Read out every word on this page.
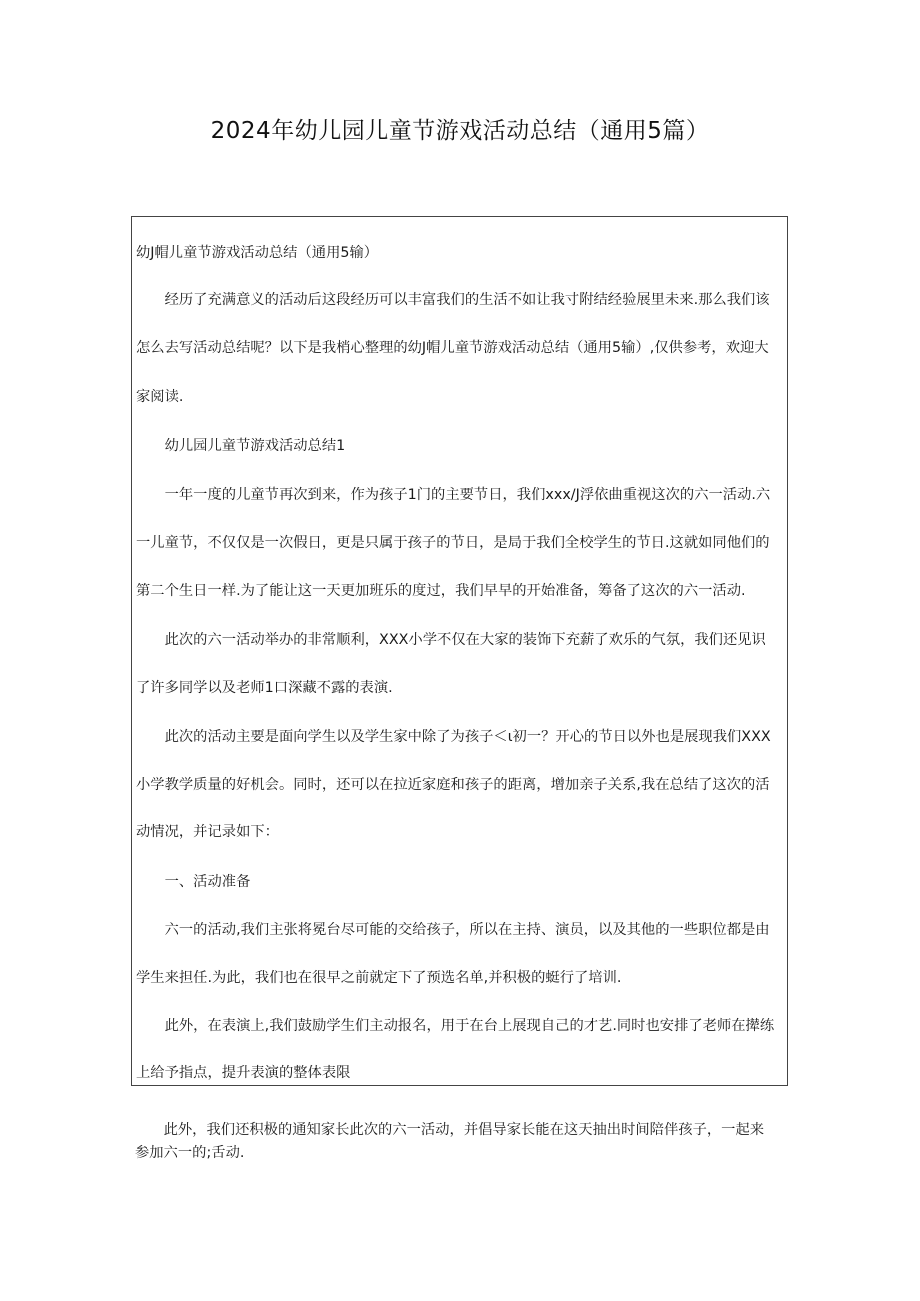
2024年幼儿园儿童节游戏活动总结（通用5篇）

幼J帽儿童节游戏活动总结（通用5输）

　　经历了充满意义的活动后这段经历可以丰富我们的生活不如让我寸附结经验展里未来.那么我们该

怎么去写活动总结呢？以下是我梢心整理的幼J帽儿童节游戏活动总结（通用5输）,仅供参考，欢迎大

家阅读.

　　幼儿园儿童节游戏活动总结1

　　一年一度的儿童节再次到来，作为孩子1门的主要节日，我们xxx/J浮依曲重视这次的六一活动.六

一儿童节，不仅仅是一次假日，更是只属于孩子的节日，是局于我们全校学生的节日.这就如同他们的

第二个生日一样.为了能让这一天更加班乐的度过，我们早早的开始准备，筹备了这次的六一活动.

　　此次的六一活动举办的非常顺利，XXX小学不仅在大家的装饰下充薪了欢乐的气氛，我们还见识

了许多同学以及老师1口深藏不露的表演.

　　此次的活动主要是面向学生以及学生家中除了为孩子＜ι初一？开心的节日以外也是展现我们XXX

小学教学质量的好机会。同时，还可以在拉近家庭和孩子的距离，增加亲子关系,我在总结了这次的活

动情况，并记录如下：

　　一、活动准备

　　六一的活动,我们主张将冕台尽可能的交给孩子，所以在主持、演员，以及其他的一些职位都是由

学生来担任.为此，我们也在很早之前就定下了预选名单,并积极的蜓行了培训.

　　此外，在表演上,我们鼓励学生们主动报名，用于在台上展现自己的才艺.同时也安排了老师在撵练

上给予指点，提升表演的整体表限

　　此外，我们还积极的通知家长此次的六一活动，并倡导家长能在这天抽出时间陪伴孩子，一起来

参加六一的;舌动.
